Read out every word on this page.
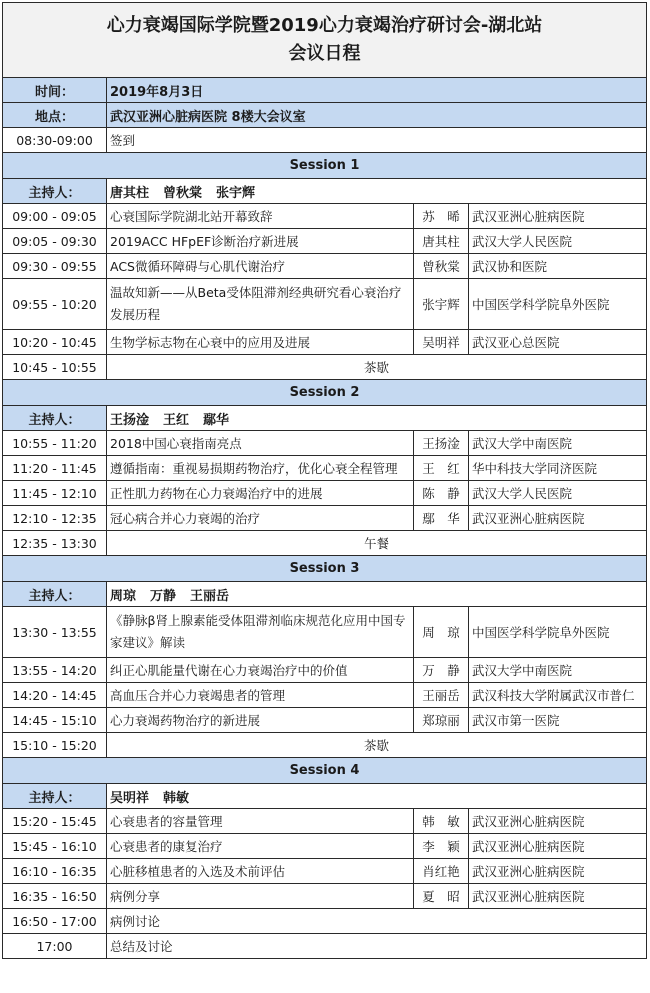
心力衰竭国际学院暨2019心力衰竭治疗研讨会-湖北站
会议日程			

时间：	2019年8月3日		
地点：	武汉亚洲心脏病医院 8楼大会议室		
08:30-09:00	签到		
Session 1			
主持人：	唐其柱 曾秋棠 张宇辉		
09:00 - 09:05	心衰国际学院湖北站开幕致辞	苏　晞	武汉亚洲心脏病医院
09:05 - 09:30	2019ACC HFpEF诊断治疗新进展	唐其柱	武汉大学人民医院
09:30 - 09:55	ACS微循环障碍与心肌代谢治疗	曾秋棠	武汉协和医院
09:55 - 10:20	温故知新——从Beta受体阻滞剂经典研究看心衰治疗发展历程	张宇辉	中国医学科学院阜外医院
10:20 - 10:45	生物学标志物在心衰中的应用及进展	吴明祥	武汉亚心总医院
10:45 - 10:55	茶歇		
Session 2			
主持人：	王扬淦 王红 鄢华		
10:55 - 11:20	2018中国心衰指南亮点	王扬淦	武汉大学中南医院
11:20 - 11:45	遵循指南：重视易损期药物治疗，优化心衰全程管理	王　红	华中科技大学同济医院
11:45 - 12:10	正性肌力药物在心力衰竭治疗中的进展	陈　静	武汉大学人民医院
12:10 - 12:35	冠心病合并心力衰竭的治疗	鄢　华	武汉亚洲心脏病医院
12:35 - 13:30	午餐		
Session 3			
主持人：	周琼 万静 王丽岳		
13:30 - 13:55	《静脉β肾上腺素能受体阻滞剂临床规范化应用中国专家建议》解读	周　琼	中国医学科学院阜外医院
13:55 - 14:20	纠正心肌能量代谢在心力衰竭治疗中的价值	万　静	武汉大学中南医院
14:20 - 14:45	高血压合并心力衰竭患者的管理	王丽岳	武汉科技大学附属武汉市普仁
14:45 - 15:10	心力衰竭药物治疗的新进展	郑琼丽	武汉市第一医院
15:10 - 15:20	茶歇		
Session 4			
主持人：	吴明祥 韩敏		
15:20 - 15:45	心衰患者的容量管理	韩　敏	武汉亚洲心脏病医院
15:45 - 16:10	心衰患者的康复治疗	李　颖	武汉亚洲心脏病医院
16:10 - 16:35	心脏移植患者的入选及术前评估	肖红艳	武汉亚洲心脏病医院
16:35 - 16:50	病例分享	夏　昭	武汉亚洲心脏病医院
16:50 - 17:00	病例讨论		
17:00	总结及讨论		
